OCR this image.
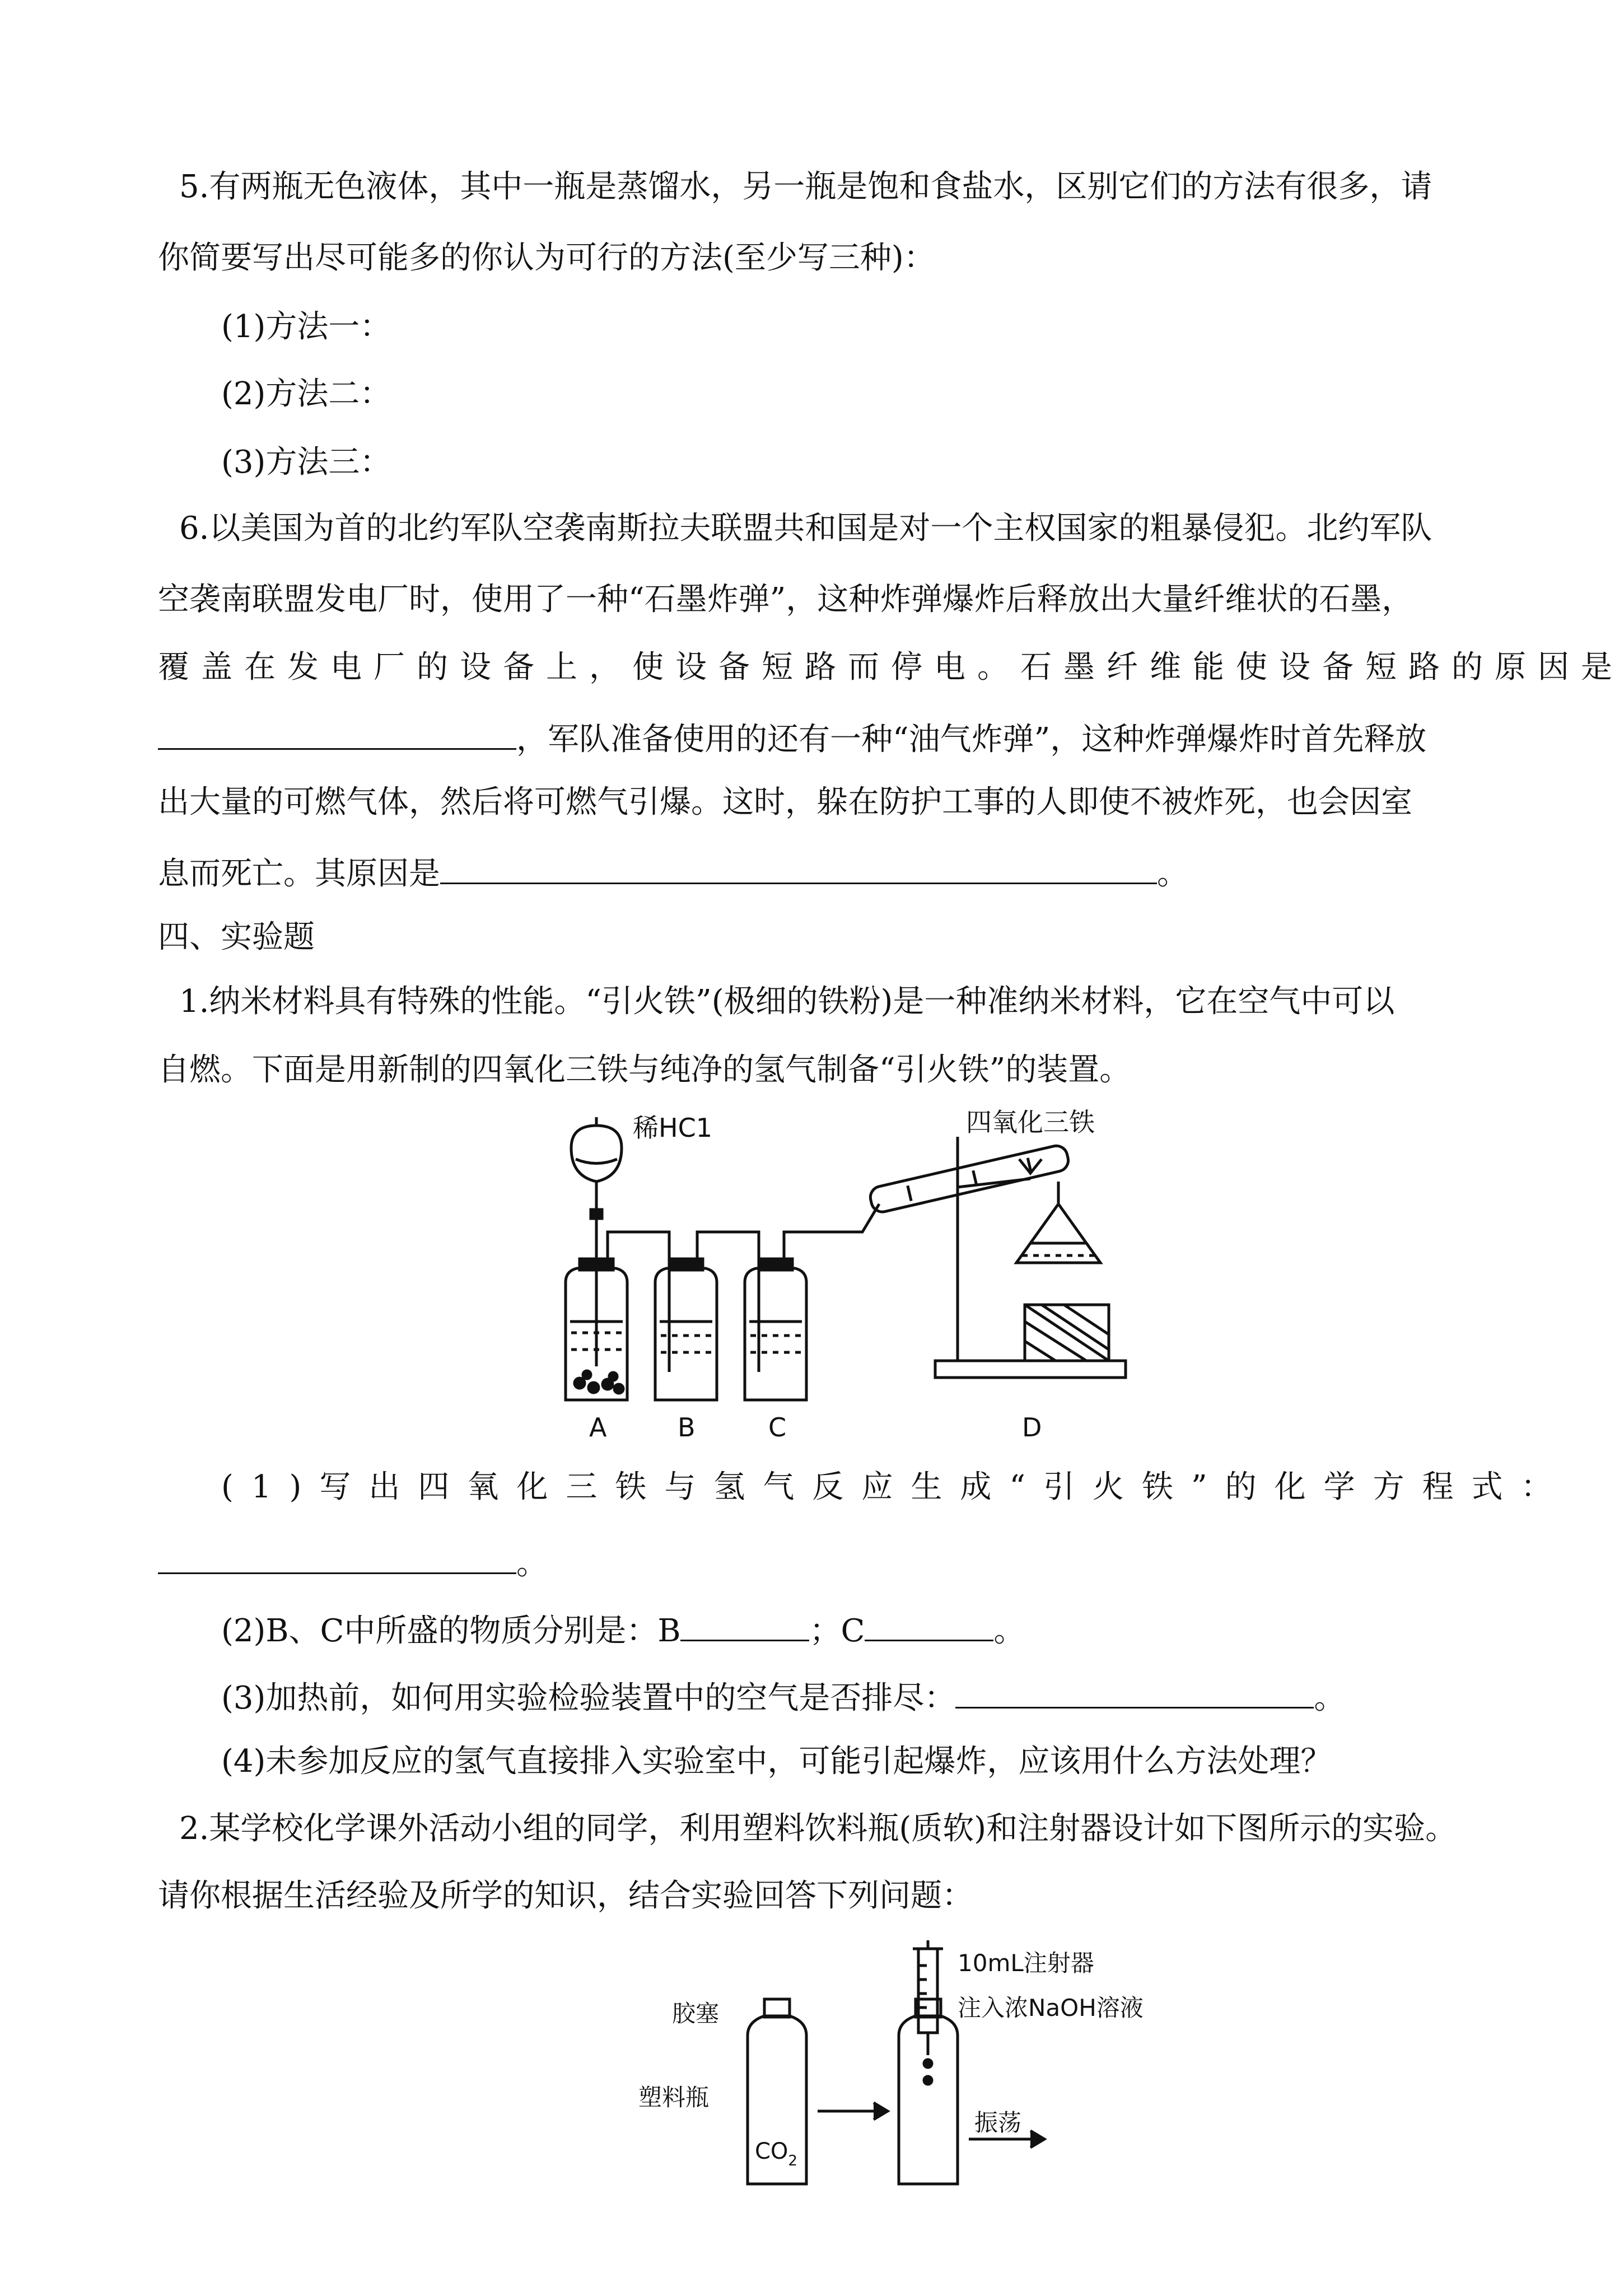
5.有两瓶无色液体，其中一瓶是蒸馏水，另一瓶是饱和食盐水，区别它们的方法有很多，请
你简要写出尽可能多的你认为可行的方法(至少写三种)：
(1)方法一：
(2)方法二：
(3)方法三：
6.以美国为首的北约军队空袭南斯拉夫联盟共和国是对一个主权国家的粗暴侵犯。北约军队
空袭南联盟发电厂时，使用了一种“石墨炸弹”，这种炸弹爆炸后释放出大量纤维状的石墨，
覆盖在发电厂的设备上，使设备短路而停电。石墨纤维能使设备短路的原因是
，军队准备使用的还有一种“油气炸弹”，这种炸弹爆炸时首先释放
出大量的可燃气体，然后将可燃气引爆。这时，躲在防护工事的人即使不被炸死，也会因室
息而死亡。其原因是	。
四、实验题
1.纳米材料具有特殊的性能。“引火铁”(极细的铁粉)是一种准纳米材料，它在空气中可以
自燃。下面是用新制的四氧化三铁与纯净的氢气制备“引火铁”的装置。
稀HC1	四氧化三铁
A	B	C	D
(1)写出四氧化三铁与氢气反应生成“引火铁”的化学方程式：
。
(2)B、C中所盛的物质分别是：B	；C	。
(3)加热前，如何用实验检验装置中的空气是否排尽：	。
(4)未参加反应的氢气直接排入实验室中，可能引起爆炸，应该用什么方法处理？
2.某学校化学课外活动小组的同学，利用塑料饮料瓶(质软)和注射器设计如下图所示的实验。
请你根据生活经验及所学的知识，结合实验回答下列问题：
胶塞
塑料瓶
$CO_2$
10mL注射器
注入浓NaOH溶液
振荡
